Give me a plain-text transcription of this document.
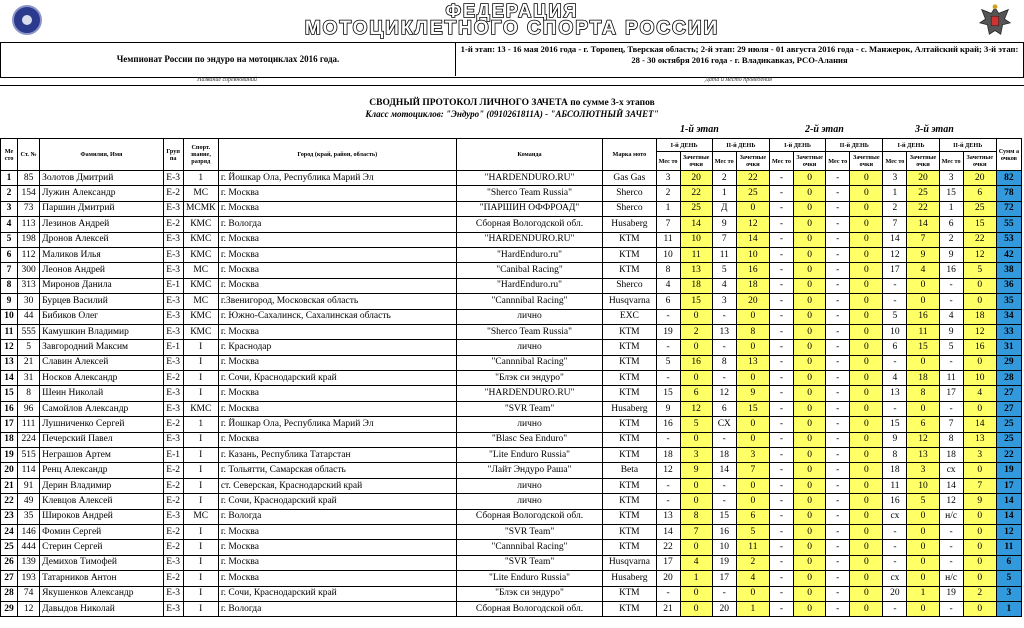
ФЕДЕРАЦИЯ
МОТОЦИКЛЕТНОГО СПОРТА РОССИИ
Чемпионат России по эндуро на мотоциклах 2016 года.
1-й этап: 13 - 16 мая 2016 года - г. Торопец, Тверская область; 2-й этап: 29 июля - 01 августа 2016 года - с. Манжерок, Алтайский край; 3-й этап: 28 - 30 октября 2016 года - г. Владикавказ, РСО-Алания
Название соревнований	Дата и место проведения
СВОДНЫЙ ПРОТОКОЛ ЛИЧНОГО ЗАЧЕТА по сумме 3-х этапов
Класс мотоциклов: "Эндуро" (0910261811А) - "АБСОЛЮТНЫЙ ЗАЧЕТ"
1-й этап	2-й этап	3-й этап
Ме сто	Ст. №	Фамилия, Имя	Груп па	Спорт. звание, разряд	Город (край, район, область)	Команда	Марка мото	I-й ДЕНЬ		II-й ДЕНЬ		I-й ДЕНЬ		II-й ДЕНЬ		I-й ДЕНЬ		II-й ДЕНЬ		Сумм а очков
								Мес то	Зачетные очки	Мес то	Зачетные очки	Мес то	Зачетные очки	Мес то	Зачетные очки	Мес то	Зачетные очки	Мес то	Зачетные очки	
1	85	Золотов Дмитрий	Е-3	1	г. Йошкар Ола, Республика Марий Эл	"HARDENDURO.RU"	Gas Gas	3	20	2	22	-	0	-	0	3	20	3	20	82
2	154	Лужин Александр	Е-2	МС	г. Москва	"Sherco Team Russia"	Sherco	2	22	1	25	-	0	-	0	1	25	15	6	78
3	73	Паршин Дмитрий	Е-3	МСМК	г. Москва	"ПАРШИН ОФФРОАД"	Sherco	1	25	Д	0	-	0	-	0	2	22	1	25	72
4	113	Лезинов Андрей	Е-2	КМС	г. Вологда	Сборная Вологодской обл.	Husaberg	7	14	9	12	-	0	-	0	7	14	6	15	55
5	198	Дронов Алексей	Е-3	КМС	г. Москва	"HARDENDURO.RU"	КТМ	11	10	7	14	-	0	-	0	14	7	2	22	53
6	112	Маликов Илья	Е-3	КМС	г. Москва	"HardEnduro.ru"	КТМ	10	11	11	10	-	0	-	0	12	9	9	12	42
7	300	Леонов Андрей	Е-3	МС	г. Москва	"Canibal Racing"	КТМ	8	13	5	16	-	0	-	0	17	4	16	5	38
8	313	Миронов Данила	Е-1	КМС	г. Москва	"HardEnduro.ru"	Sherco	4	18	4	18	-	0	-	0	-	0	-	0	36
9	30	Бурцев Василий	Е-3	МС	г.Звенигород, Московская область	"Cannnibal Racing"	Husqvarna	6	15	3	20	-	0	-	0	-	0	-	0	35
10	44	Бибиков Олег	Е-3	КМС	г. Южно-Сахалинск, Сахалинская область	лично	EXC	-	0	-	0	-	0	-	0	5	16	4	18	34
11	555	Камушкин Владимир	Е-3	КМС	г. Москва	"Sherco Team Russia"	КТМ	19	2	13	8	-	0	-	0	10	11	9	12	33
12	5	Завгородний Максим	Е-1	I	г. Краснодар	лично	КТМ	-	0	-	0	-	0	-	0	6	15	5	16	31
13	21	Славин Алексей	Е-3	I	г. Москва	"Cannnibal Racing"	КТМ	5	16	8	13	-	0	-	0	-	0	-	0	29
14	31	Носков Александр	Е-2	I	г. Сочи, Краснодарский край	"Блэк си эндуро"	КТМ	-	0	-	0	-	0	-	0	4	18	11	10	28
15	8	Шеин Николай	Е-3	I	г. Москва	"HARDENDURO.RU"	КТМ	15	6	12	9	-	0	-	0	13	8	17	4	27
16	96	Самойлов Александр	Е-3	КМС	г. Москва	"SVR Team"	Husaberg	9	12	6	15	-	0	-	0	-	0	-	0	27
17	111	Лушниченко Сергей	Е-2	1	г. Йошкар Ола, Республика Марий Эл	лично	КТМ	16	5	СХ	0	-	0	-	0	15	6	7	14	25
18	224	Печерский Павел	Е-3	I	г. Москва	"Blasc Sea Enduro"	КТМ	-	0	-	0	-	0	-	0	9	12	8	13	25
19	515	Неграшов Артем	Е-1	I	г. Казань, Республика Татарстан	"Lite Enduro Russia"	КТМ	18	3	18	3	-	0	-	0	8	13	18	3	22
20	114	Ренц Александр	Е-2	I	г. Тольятти, Самарская область	"Лайт Эндуро Раша"	Beta	12	9	14	7	-	0	-	0	18	3	сх	0	19
21	91	Дерин Владимир	Е-2	I	ст. Северская, Краснодарский край	лично	КТМ	-	0	-	0	-	0	-	0	11	10	14	7	17
22	49	Клевцов Алексей	Е-2	I	г. Сочи, Краснодарский край	лично	КТМ	-	0	-	0	-	0	-	0	16	5	12	9	14
23	35	Широков Андрей	Е-3	МС	г. Вологда	Сборная Вологодской обл.	КТМ	13	8	15	6	-	0	-	0	сх	0	н/с	0	14
24	146	Фомин Сергей	Е-2	I	г. Москва	"SVR Team"	КТМ	14	7	16	5	-	0	-	0	-	0	-	0	12
25	444	Стерин Сергей	Е-2	I	г. Москва	"Cannnibal Racing"	КТМ	22	0	10	11	-	0	-	0	-	0	-	0	11
26	139	Демихов Тимофей	Е-3	I	г. Москва	"SVR Team"	Husqvarna	17	4	19	2	-	0	-	0	-	0	-	0	6
27	193	Татарников Антон	Е-2	I	г. Москва	"Lite Enduro Russia"	Husaberg	20	1	17	4	-	0	-	0	сх	0	н/с	0	5
28	74	Якушенков Александр	Е-3	I	г. Сочи, Краснодарский край	"Блэк си эндуро"	КТМ	-	0	-	0	-	0	-	0	20	1	19	2	3
29	12	Давыдов Николай	Е-3	I	г. Вологда	Сборная Вологодской обл.	КТМ	21	0	20	1	-	0	-	0	-	0	-	0	1
